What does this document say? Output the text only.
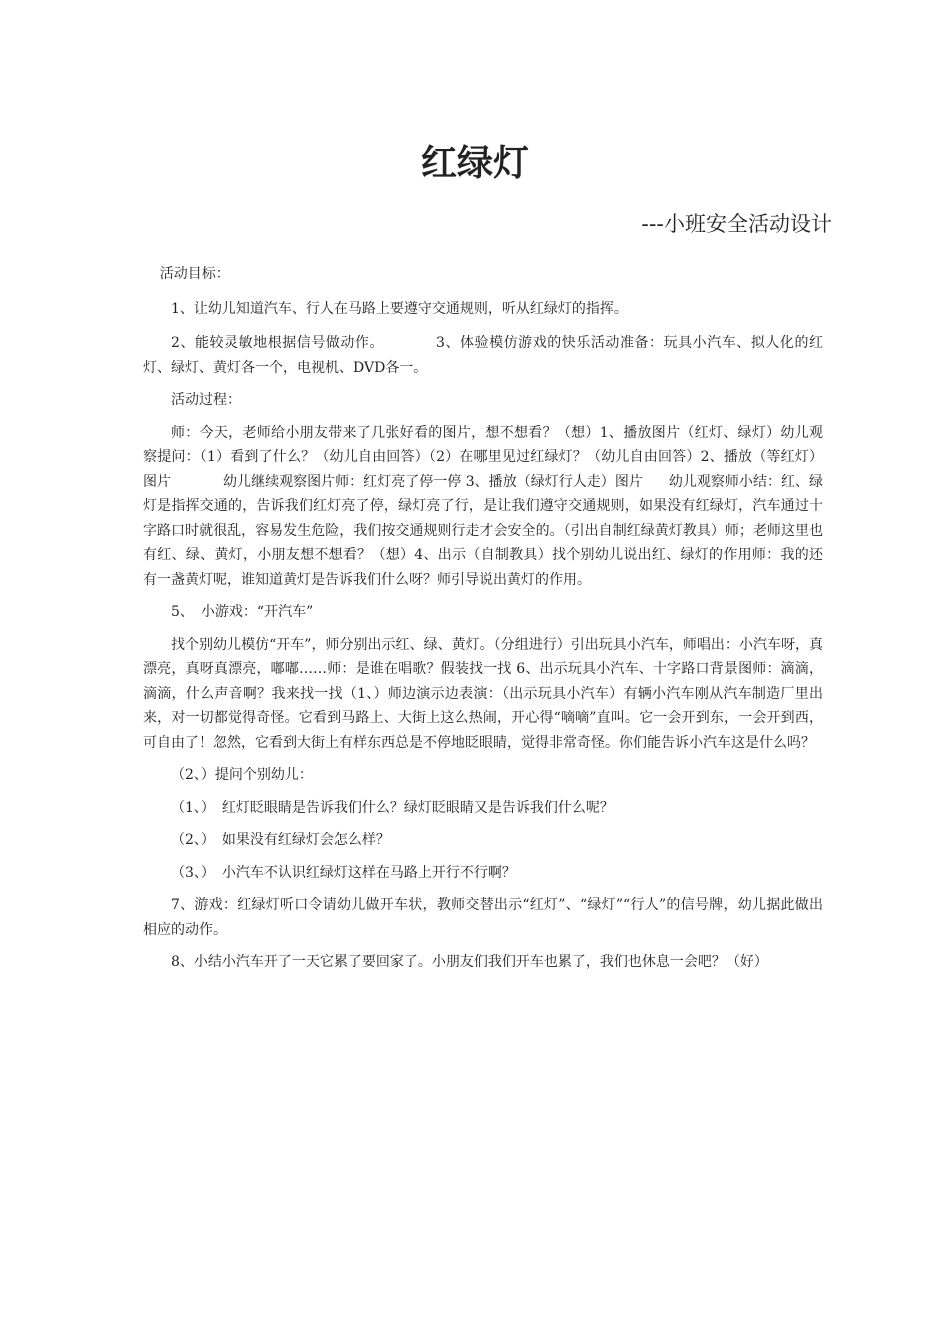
红绿灯
---小班安全活动设计

活动目标：

1、让幼儿知道汽车、行人在马路上要遵守交通规则，听从红绿灯的指挥。

2、能较灵敏地根据信号做动作。	3、体验模仿游戏的快乐活动准备：玩具小汽车、拟人化的红灯、绿灯、黄灯各一个，电视机、DVD各一。

活动过程：

师：今天，老师给小朋友带来了几张好看的图片，想不想看？（想）1、播放图片（红灯、绿灯）幼儿观察提问：（1）看到了什么？（幼儿自由回答）（2）在哪里见过红绿灯？（幼儿自由回答）2、播放（等红灯）图片	幼儿继续观察图片师：红灯亮了停一停 3、播放（绿灯行人走）图片 幼儿观察师小结：红、绿灯是指挥交通的，告诉我们红灯亮了停，绿灯亮了行，是让我们遵守交通规则，如果没有红绿灯，汽车通过十字路口时就很乱，容易发生危险，我们按交通规则行走才会安全的。（引出自制红绿黄灯教具）师；老师这里也有红、绿、黄灯，小朋友想不想看？（想）4、出示（自制教具）找个别幼儿说出红、绿灯的作用师：我的还有一盏黄灯呢，谁知道黄灯是告诉我们什么呀？师引导说出黄灯的作用。

5、　小游戏：“开汽车”

找个别幼儿模仿“开车”，师分别出示红、绿、黄灯。（分组进行）引出玩具小汽车，师唱出：小汽车呀，真漂亮，真呀真漂亮，嘟嘟……师：是谁在唱歌？假装找一找 6、出示玩具小汽车、十字路口背景图师：滴滴，滴滴，什么声音啊？我来找一找（1、）师边演示边表演：（出示玩具小汽车）有辆小汽车刚从汽车制造厂里出来，对一切都觉得奇怪。它看到马路上、大街上这么热闹，开心得“嘀嘀”直叫。它一会开到东，一会开到西，可自由了！忽然，它看到大街上有样东西总是不停地眨眼睛，觉得非常奇怪。你们能告诉小汽车这是什么吗？

（2、）提问个别幼儿：

（1、）　红灯眨眼睛是告诉我们什么？绿灯眨眼睛又是告诉我们什么呢？

（2、）　如果没有红绿灯会怎么样？

（3、）　小汽车不认识红绿灯这样在马路上开行不行啊？

7、游戏：红绿灯听口令请幼儿做开车状，教师交替出示“红灯”、“绿灯”“行人”的信号牌，幼儿据此做出相应的动作。

8、小结小汽车开了一天它累了要回家了。小朋友们我们开车也累了，我们也休息一会吧？（好）
